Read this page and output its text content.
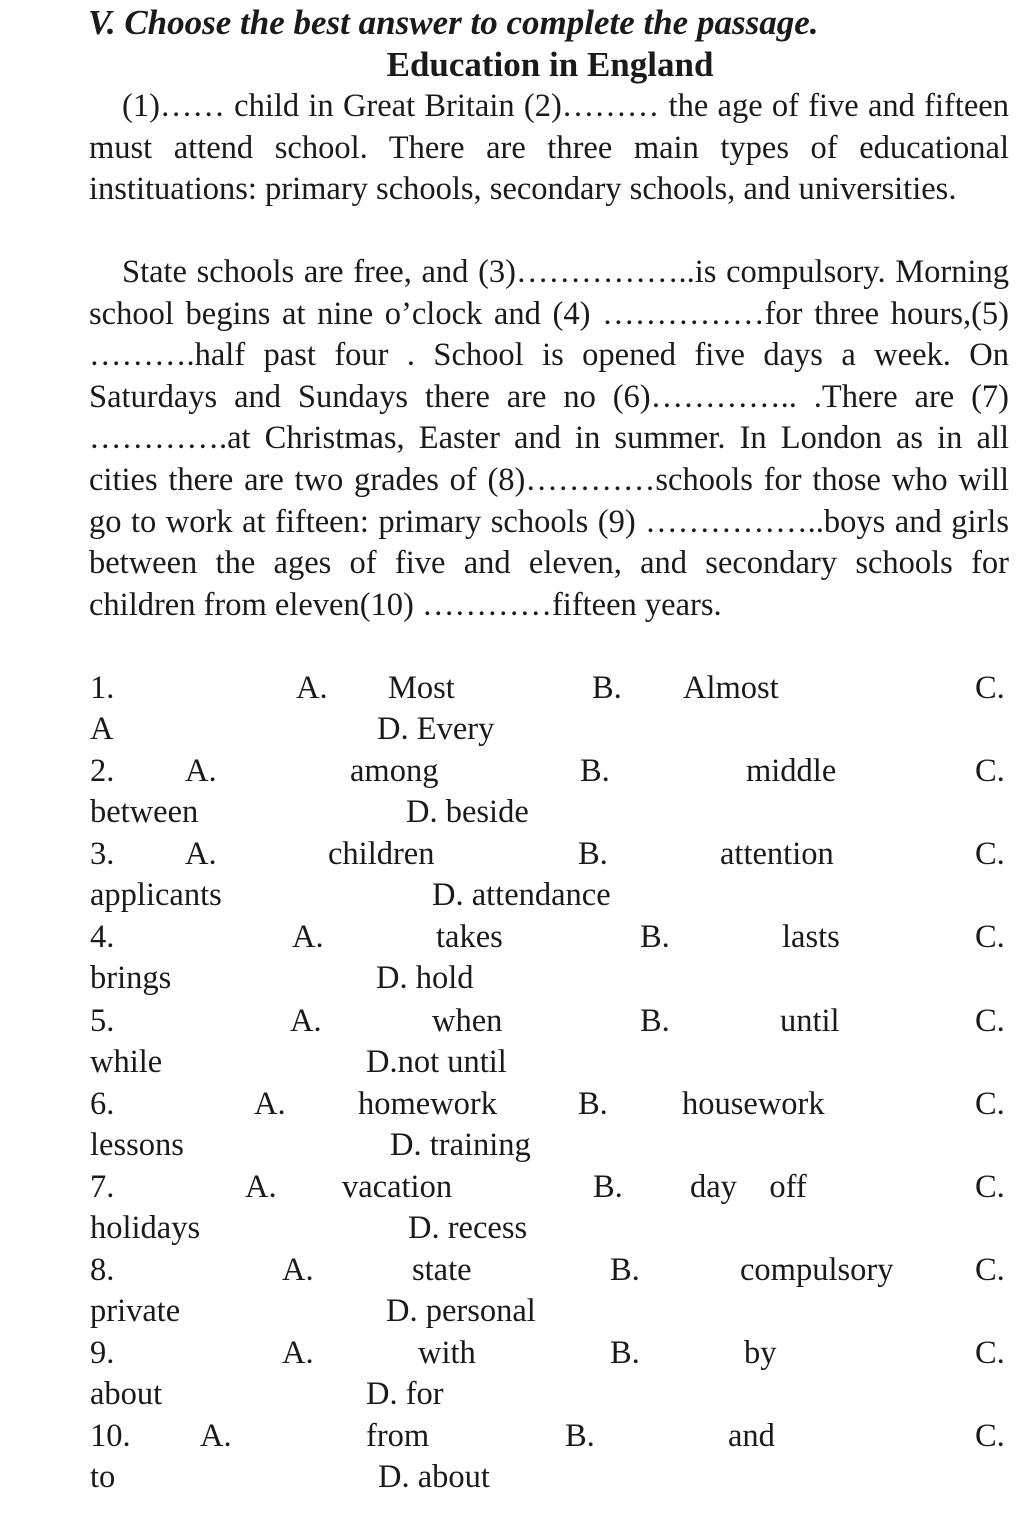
V. Choose the best answer to complete the passage.
Education in England
(1)…… child in Great Britain (2)……… the age of five and fifteen must attend school. There are three main types of educational instituations: primary schools, secondary schools, and universities.
State schools are free, and (3)……………..is compulsory. Morning school begins at nine o’clock and (4) ……………for three hours,(5) ……….half past four . School is opened five days a week. On Saturdays and Sundays there are no (6)………….. .There are (7) ………….at Christmas, Easter and in summer. In London as in all cities there are two grades of (8)…………schools for those who will go to work at fifteen: primary schools (9) ……………..boys and girls between the ages of five and eleven, and secondary schools for children from eleven(10) …………fifteen years.
1.	A. Most	B. Almost	C.
A	D. Every
2. A.	among	B.	middle	C.
between	D. beside
3. A.	children	B.	attention	C.
applicants	D. attendance
4.	A.	takes	B.	lasts	C.
brings	D. hold
5.	A.	when	B.	until	C.
while	D.not until
6.	A. homework B. housework	C.
lessons	D. training
7.	A. vacation	B. day    off	C.
holidays	D. recess
8.	A.	state	B.	compulsory	C.
private	D. personal
9.	A.	with	B.	by	C.
about	D. for
10. A.	from	B.	and	C.
to	D. about
